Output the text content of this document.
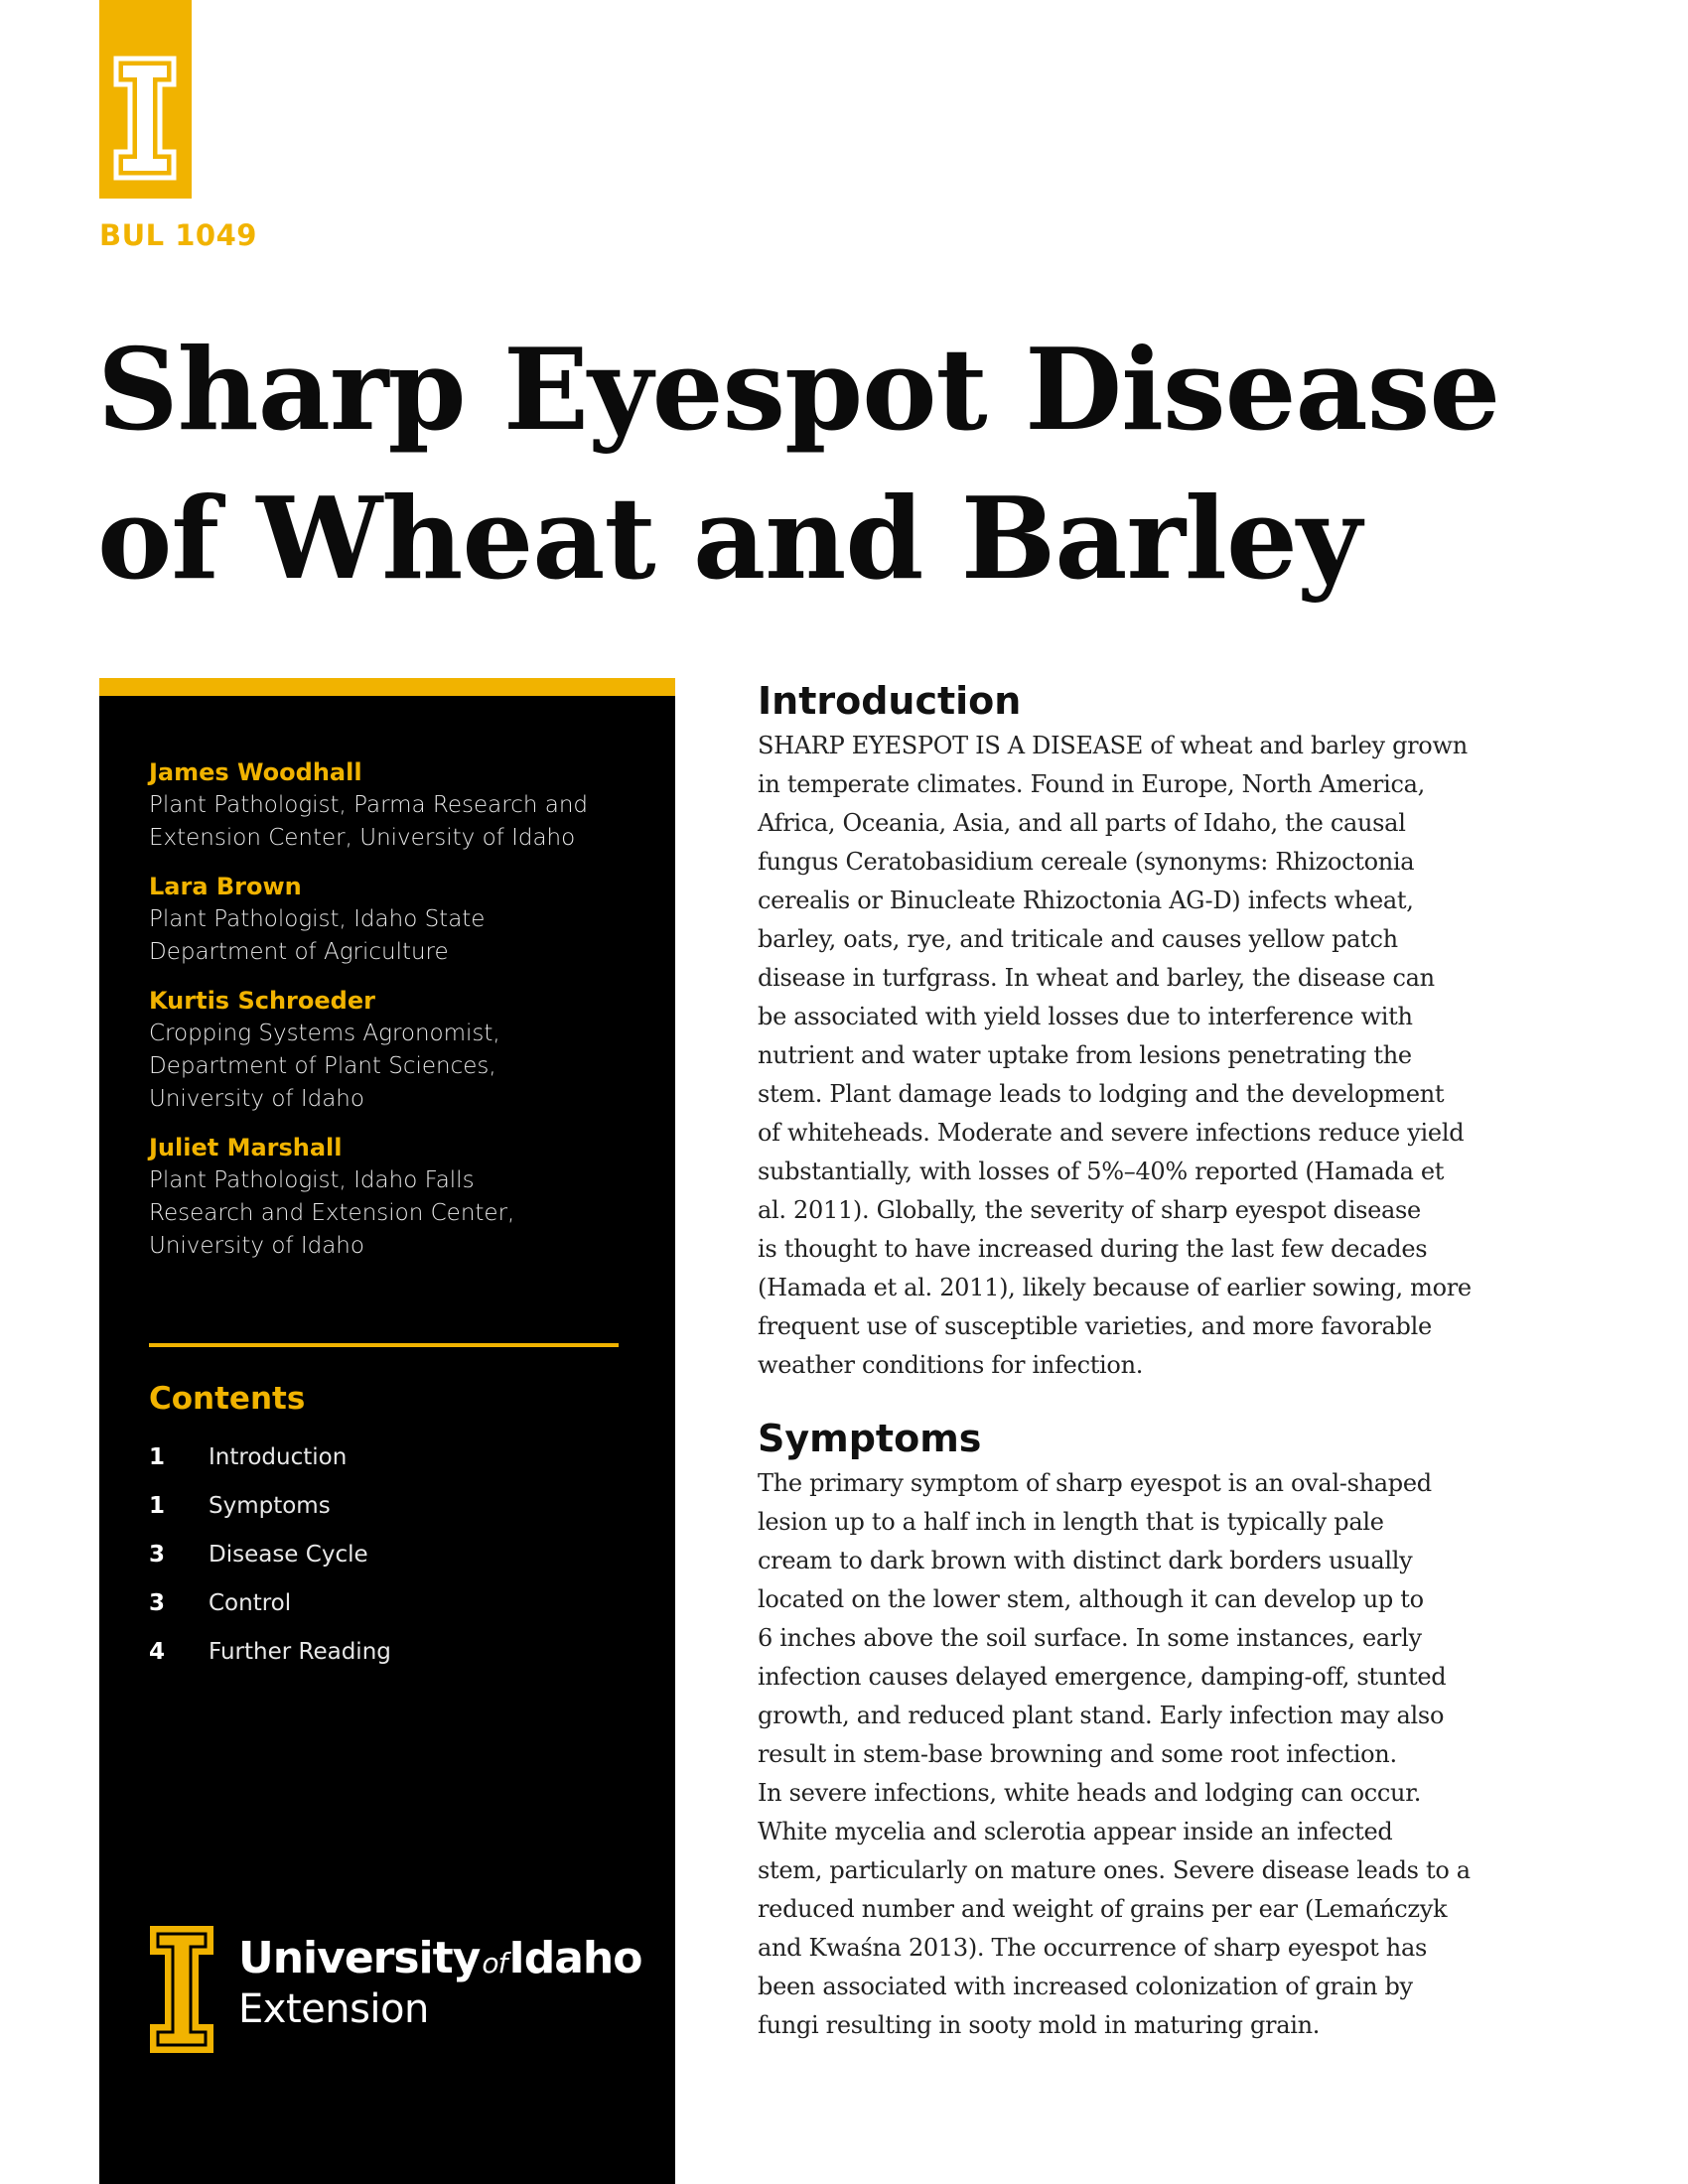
BUL 1049
Sharp Eyespot Disease
of Wheat and Barley
James Woodhall
Plant Pathologist, Parma Research and
Extension Center, University of Idaho
Lara Brown
Plant Pathologist, Idaho State
Department of Agriculture
Kurtis Schroeder
Cropping Systems Agronomist,
Department of Plant Sciences,
University of Idaho
Juliet Marshall
Plant Pathologist, Idaho Falls
Research and Extension Center,
University of Idaho
Contents
1	Introduction
1	Symptoms
3	Disease Cycle
3	Control
4	Further Reading
UniversityofIdaho
Extension
Introduction

SHARP EYESPOT IS A DISEASE of wheat and barley grown
in temperate climates. Found in Europe, North America,
Africa, Oceania, Asia, and all parts of Idaho, the causal
fungus Ceratobasidium cereale (synonyms: Rhizoctonia
cerealis or Binucleate Rhizoctonia AG-D) infects wheat,
barley, oats, rye, and triticale and causes yellow patch
disease in turfgrass. In wheat and barley, the disease can
be associated with yield losses due to interference with
nutrient and water uptake from lesions penetrating the
stem. Plant damage leads to lodging and the development
of whiteheads. Moderate and severe infections reduce yield
substantially, with losses of 5%–40% reported (Hamada et
al. 2011). Globally, the severity of sharp eyespot disease
is thought to have increased during the last few decades
(Hamada et al. 2011), likely because of earlier sowing, more
frequent use of susceptible varieties, and more favorable
weather conditions for infection.

Symptoms

The primary symptom of sharp eyespot is an oval-shaped
lesion up to a half inch in length that is typically pale
cream to dark brown with distinct dark borders usually
located on the lower stem, although it can develop up to
6 inches above the soil surface. In some instances, early
infection causes delayed emergence, damping-off, stunted
growth, and reduced plant stand. Early infection may also
result in stem-base browning and some root infection.
In severe infections, white heads and lodging can occur.
White mycelia and sclerotia appear inside an infected
stem, particularly on mature ones. Severe disease leads to a
reduced number and weight of grains per ear (Lemańczyk
and Kwaśna 2013). The occurrence of sharp eyespot has
been associated with increased colonization of grain by
fungi resulting in sooty mold in maturing grain.
